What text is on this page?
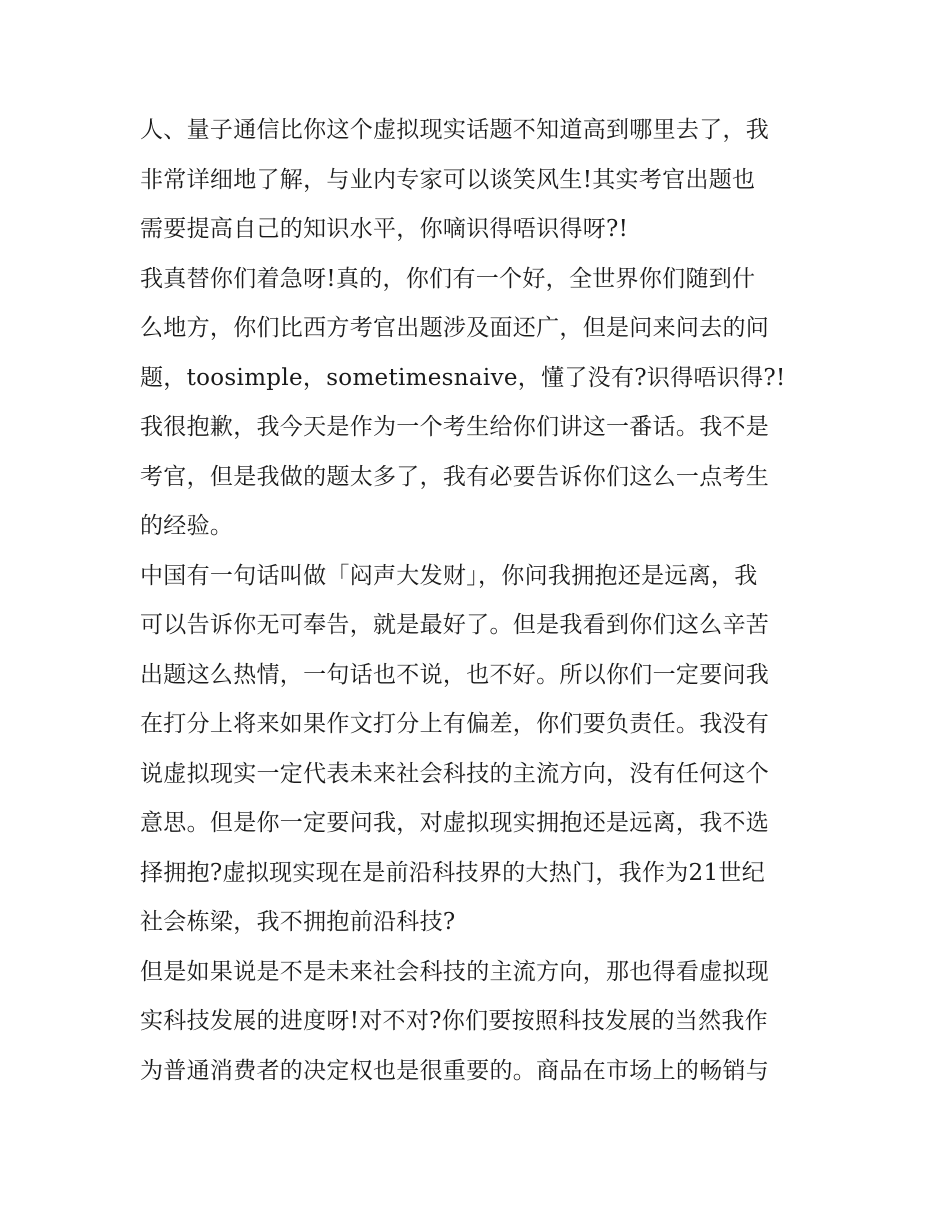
人、量子通信比你这个虚拟现实话题不知道高到哪里去了，我
非常详细地了解，与业内专家可以谈笑风生!其实考官出题也
需要提高自己的知识水平，你嘀识得唔识得呀?!
我真替你们着急呀!真的，你们有一个好，全世界你们随到什
么地方，你们比西方考官出题涉及面还广，但是问来问去的问
题，toosimple，sometimesnaive，懂了没有?识得唔识得?!
我很抱歉，我今天是作为一个考生给你们讲这一番话。我不是
考官，但是我做的题太多了，我有必要告诉你们这么一点考生
的经验。
中国有一句话叫做「闷声大发财」，你问我拥抱还是远离，我
可以告诉你无可奉告，就是最好了。但是我看到你们这么辛苦
出题这么热情，一句话也不说，也不好。所以你们一定要问我
在打分上将来如果作文打分上有偏差，你们要负责任。我没有
说虚拟现实一定代表未来社会科技的主流方向，没有任何这个
意思。但是你一定要问我，对虚拟现实拥抱还是远离，我不选
择拥抱?虚拟现实现在是前沿科技界的大热门，我作为21世纪
社会栋梁，我不拥抱前沿科技?
但是如果说是不是未来社会科技的主流方向，那也得看虚拟现
实科技发展的进度呀!对不对?你们要按照科技发展的当然我作
为普通消费者的决定权也是很重要的。商品在市场上的畅销与
